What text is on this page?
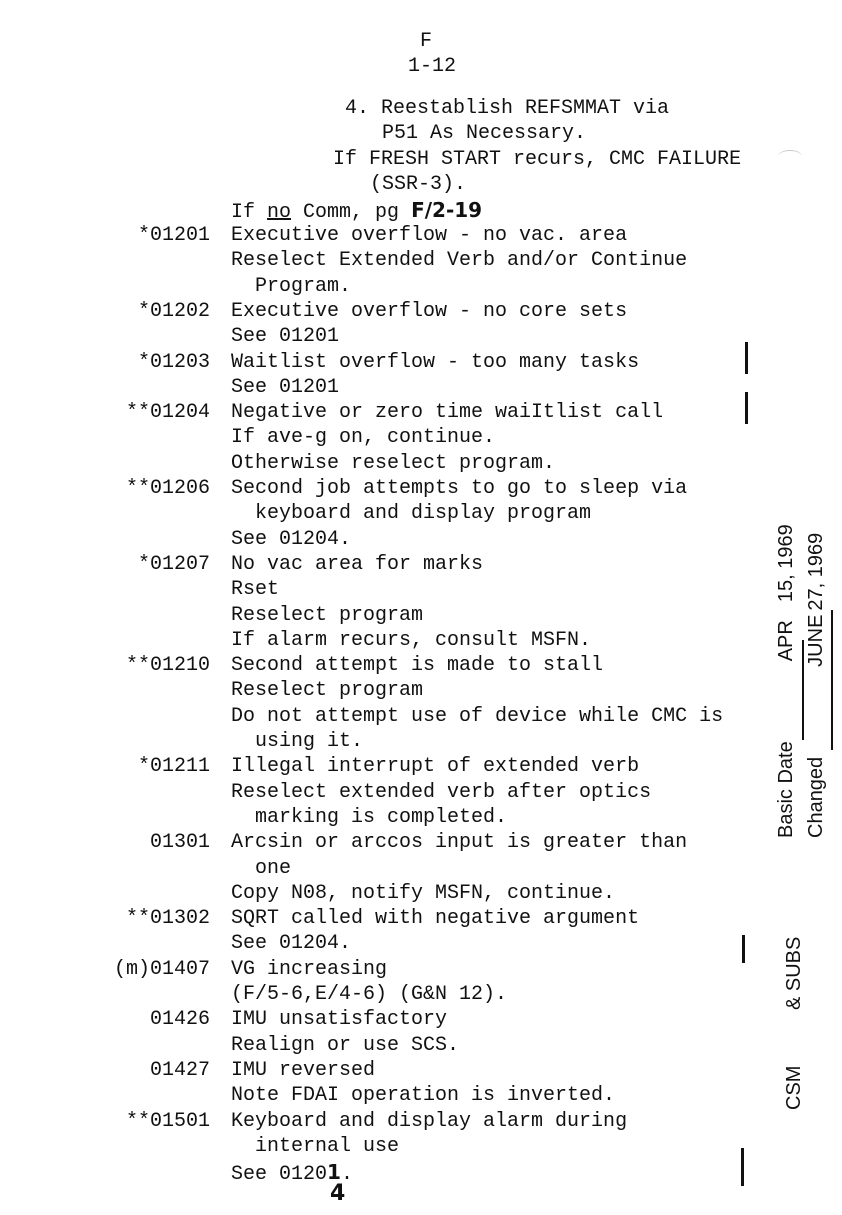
F
1-12
4. Reestablish REFSMMAT via
P51 As Necessary.
If FRESH START recurs, CMC FAILURE
(SSR-3).
If no Comm, pg F/2-19
*01201 Executive overflow - no vac. area
Reselect Extended Verb and/or Continue
Program.
*01202 Executive overflow - no core sets
See 01201
*01203 Waitlist overflow - too many tasks
See 01201
**01204 Negative or zero time waiItlist call
If ave-g on, continue.
Otherwise reselect program.
**01206 Second job attempts to go to sleep via
keyboard and display program
See 01204.
*01207 No vac area for marks
Rset
Reselect program
If alarm recurs, consult MSFN.
**01210 Second attempt is made to stall
Reselect program
Do not attempt use of device while CMC is
using it.
*01211 Illegal interrupt of extended verb
Reselect extended verb after optics
marking is completed.
01301 Arcsin or arccos input is greater than
one
Copy N08, notify MSFN, continue.
**01302 SQRT called with negative argument
See 01204.
(m)01407 VG increasing
(F/5-6,E/4-6) (G&N 12).
01426 IMU unsatisfactory
Realign or use SCS.
01427 IMU reversed
Note FDAI operation is inverted.
**01501 Keyboard and display alarm during
internal use
See 01201.
4
Basic DateAPR15, 1969
ChangedJUNE27, 1969
CSM
& SUBS
